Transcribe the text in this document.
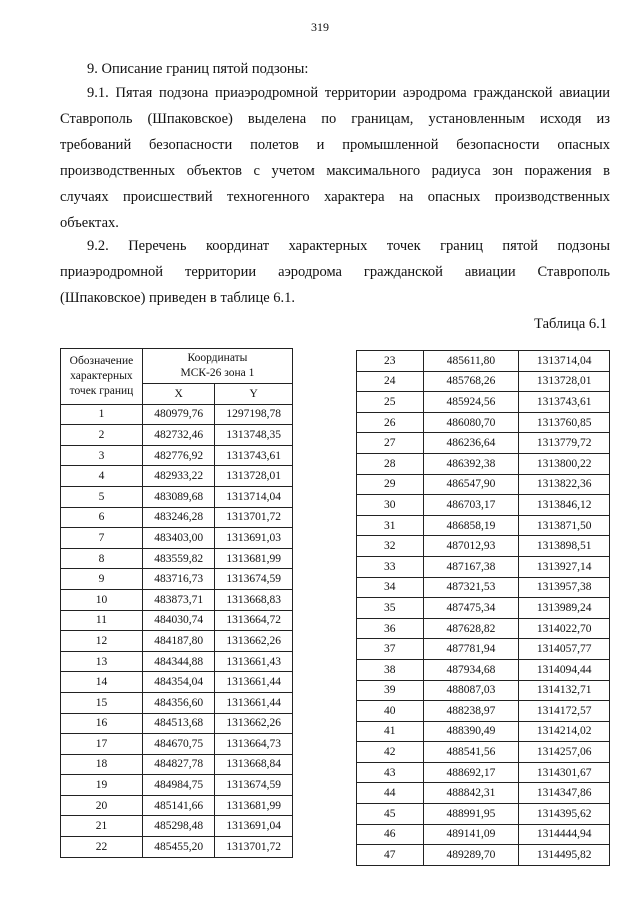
319
9. Описание границ пятой подзоны:
9.1. Пятая подзона приаэродромной территории аэродрома гражданской авиации
Ставрополь (Шпаковское) выделена по границам, установленным исходя из
требований безопасности полетов и промышленной безопасности опасных
производственных объектов с учетом максимального радиуса зон поражения в
случаях происшествий техногенного характера на опасных производственных
объектах.
9.2. Перечень координат характерных точек границ пятой подзоны
приаэродромной территории аэродрома гражданской авиации Ставрополь
(Шпаковское) приведен в таблице 6.1.
Таблица 6.1
Обозначение характерных точек границ	Координаты
МСК-26 зона 1	

	X	Y
1	480979,76	1297198,78
2	482732,46	1313748,35
3	482776,92	1313743,61
4	482933,22	1313728,01
5	483089,68	1313714,04
6	483246,28	1313701,72
7	483403,00	1313691,03
8	483559,82	1313681,99
9	483716,73	1313674,59
10	483873,71	1313668,83
11	484030,74	1313664,72
12	484187,80	1313662,26
13	484344,88	1313661,43
14	484354,04	1313661,44
15	484356,60	1313661,44
16	484513,68	1313662,26
17	484670,75	1313664,73
18	484827,78	1313668,84
19	484984,75	1313674,59
20	485141,66	1313681,99
21	485298,48	1313691,04
22	485455,20	1313701,72
23	485611,80	1313714,04
24	485768,26	1313728,01
25	485924,56	1313743,61
26	486080,70	1313760,85
27	486236,64	1313779,72
28	486392,38	1313800,22
29	486547,90	1313822,36
30	486703,17	1313846,12
31	486858,19	1313871,50
32	487012,93	1313898,51
33	487167,38	1313927,14
34	487321,53	1313957,38
35	487475,34	1313989,24
36	487628,82	1314022,70
37	487781,94	1314057,77
38	487934,68	1314094,44
39	488087,03	1314132,71
40	488238,97	1314172,57
41	488390,49	1314214,02
42	488541,56	1314257,06
43	488692,17	1314301,67
44	488842,31	1314347,86
45	488991,95	1314395,62
46	489141,09	1314444,94
47	489289,70	1314495,82
